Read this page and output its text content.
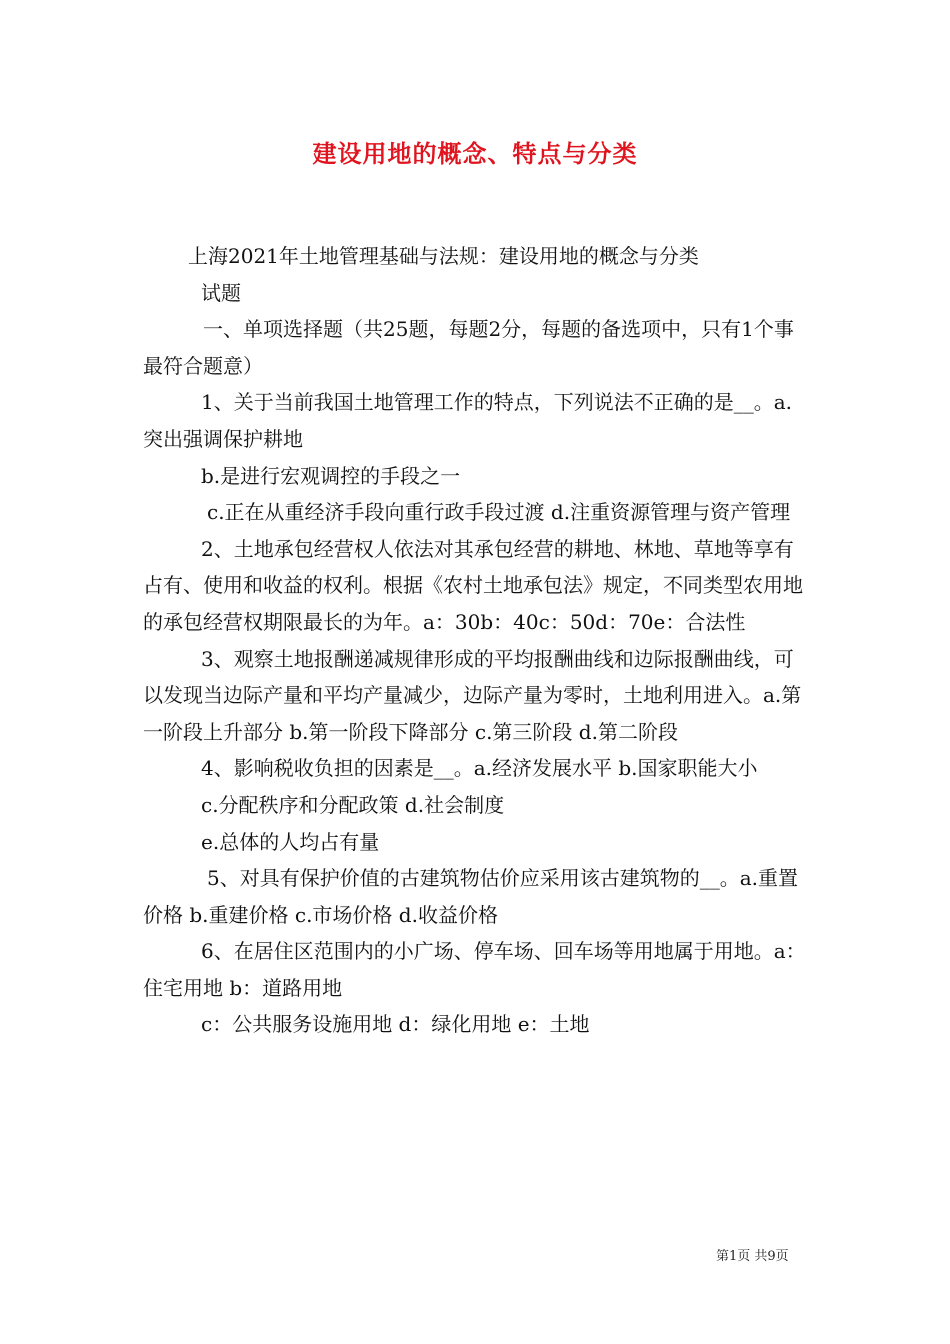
建设用地的概念、特点与分类

上海2021年土地管理基础与法规：建设用地的概念与分类

试题

一、单项选择题（共25题，每题2分，每题的备选项中，只有1个事最符合题意）

1、关于当前我国土地管理工作的特点，下列说法不正确的是__。a.突出强调保护耕地

b.是进行宏观调控的手段之一

c.正在从重经济手段向重行政手段过渡 d.注重资源管理与资产管理

2、土地承包经营权人依法对其承包经营的耕地、林地、草地等享有占有、使用和收益的权利。根据《农村土地承包法》规定，不同类型农用地的承包经营权期限最长的为年。a：30b：40c：50d：70e：合法性

3、观察土地报酬递减规律形成的平均报酬曲线和边际报酬曲线，可以发现当边际产量和平均产量减少，边际产量为零时，土地利用进入。a.第一阶段上升部分 b.第一阶段下降部分 c.第三阶段 d.第二阶段

4、影响税收负担的因素是__。a.经济发展水平 b.国家职能大小

c.分配秩序和分配政策 d.社会制度

e.总体的人均占有量

5、对具有保护价值的古建筑物估价应采用该古建筑物的__。a.重置价格 b.重建价格 c.市场价格 d.收益价格

6、在居住区范围内的小广场、停车场、回车场等用地属于用地。a：住宅用地 b：道路用地

c：公共服务设施用地 d：绿化用地 e：土地

第1页 共9页
